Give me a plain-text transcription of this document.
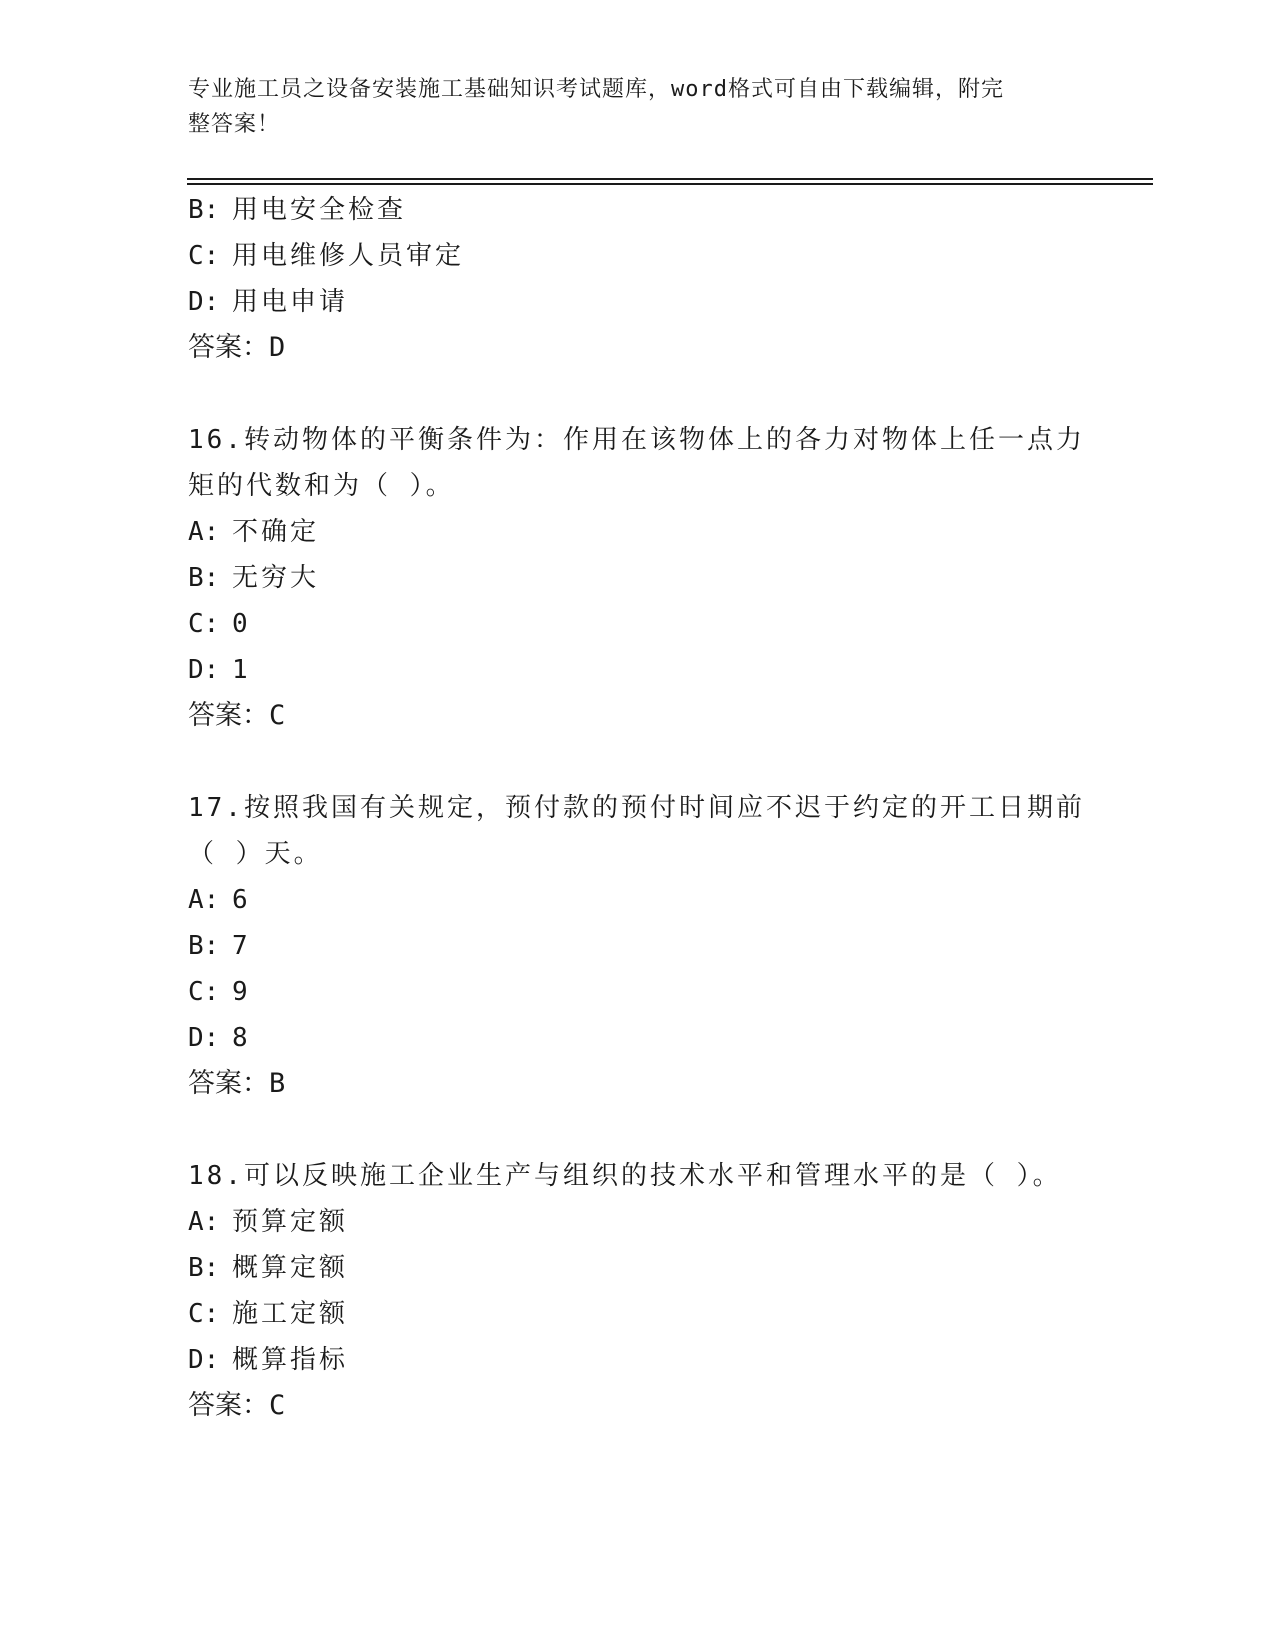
专业施工员之设备安装施工基础知识考试题库，word格式可自由下载编辑，附完
整答案！
B: 用电安全检查
C: 用电维修人员审定
D: 用电申请
答案：D
16.转动物体的平衡条件为：作用在该物体上的各力对物体上任一点力
矩的代数和为（ ）。
A: 不确定
B: 无穷大
C: 0
D: 1
答案：C
17.按照我国有关规定，预付款的预付时间应不迟于约定的开工日期前
（ ）天。
A: 6
B: 7
C: 9
D: 8
答案：B
18.可以反映施工企业生产与组织的技术水平和管理水平的是（ ）。
A: 预算定额
B: 概算定额
C: 施工定额
D: 概算指标
答案：C
